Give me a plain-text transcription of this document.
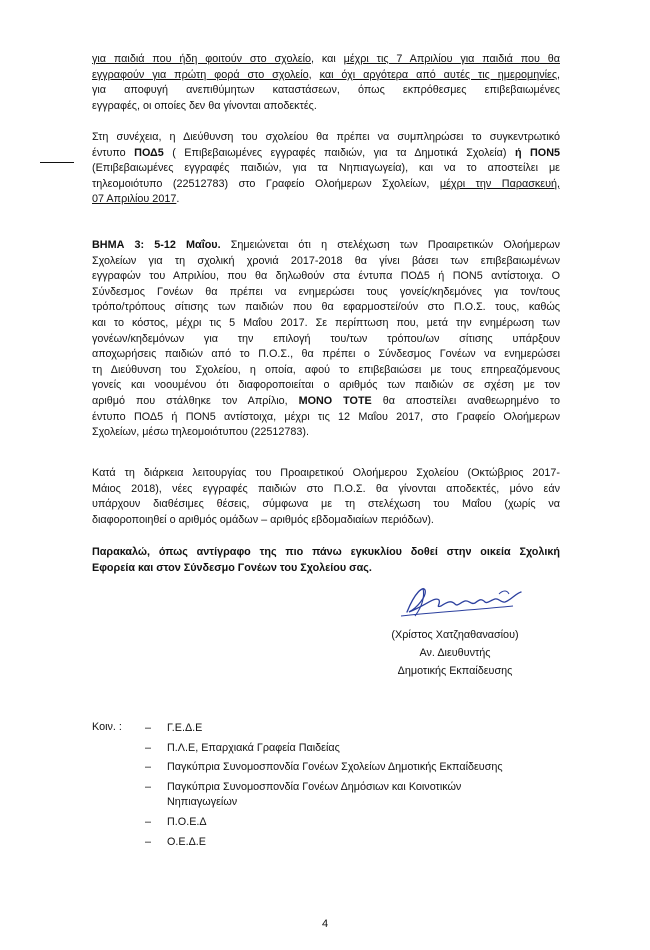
για παιδιά που ήδη φοιτούν στο σχολείο, και μέχρι τις 7 Απριλίου για παιδιά που θα
εγγραφούν για πρώτη φορά στο σχολείο, και όχι αργότερα από αυτές τις ημερομηνίες,
για αποφυγή ανεπιθύμητων καταστάσεων, όπως εκπρόθεσμες επιβεβαιωμένες
εγγραφές, οι οποίες δεν θα γίνονται αποδεκτές.
Στη συνέχεια, η Διεύθυνση του σχολείου θα πρέπει να συμπληρώσει το συγκεντρωτικό
έντυπο ΠΟΔ5 ( Επιβεβαιωμένες εγγραφές παιδιών, για τα Δημοτικά Σχολεία) ή ΠΟΝ5
(Επιβεβαιωμένες εγγραφές παιδιών, για τα Νηπιαγωγεία), και να το αποστείλει με
τηλεομοιότυπο (22512783) στο Γραφείο Ολοήμερων Σχολείων, μέχρι την Παρασκευή,
07 Απριλίου 2017.
ΒΗΜΑ 3: 5-12 Μαΐου. Σημειώνεται ότι η στελέχωση των Προαιρετικών Ολοήμερων
Σχολείων για τη σχολική χρονιά 2017-2018 θα γίνει βάσει των επιβεβαιωμένων
εγγραφών του Απριλίου, που θα δηλωθούν στα έντυπα ΠΟΔ5 ή ΠΟΝ5 αντίστοιχα. Ο
Σύνδεσμος Γονέων θα πρέπει να ενημερώσει τους γονείς/κηδεμόνες για τον/τους
τρόπο/τρόπους σίτισης των παιδιών που θα εφαρμοστεί/ούν στο Π.Ο.Σ. τους, καθώς
και το κόστος, μέχρι τις 5 Μαΐου 2017. Σε περίπτωση που, μετά την ενημέρωση των
γονέων/κηδεμόνων για την επιλογή του/των τρόπου/ων σίτισης υπάρξουν
αποχωρήσεις παιδιών από το Π.Ο.Σ., θα πρέπει ο Σύνδεσμος Γονέων να ενημερώσει
τη Διεύθυνση του Σχολείου, η οποία, αφού το επιβεβαιώσει με τους επηρεαζόμενους
γονείς και νοουμένου ότι διαφοροποιείται ο αριθμός των παιδιών σε σχέση με τον
αριθμό που στάλθηκε τον Απρίλιο, ΜΟΝΟ ΤΟΤΕ θα αποστείλει αναθεωρημένο το
έντυπο ΠΟΔ5 ή ΠΟΝ5 αντίστοιχα, μέχρι τις 12 Μαΐου 2017, στο Γραφείο Ολοήμερων
Σχολείων, μέσω τηλεομοιότυπου (22512783).
Κατά τη διάρκεια λειτουργίας του Προαιρετικού Ολοήμερου Σχολείου (Οκτώβριος 2017-
Μάιος 2018), νέες εγγραφές παιδιών στο Π.Ο.Σ. θα γίνονται αποδεκτές, μόνο εάν
υπάρχουν διαθέσιμες θέσεις, σύμφωνα με τη στελέχωση του Μαΐου (χωρίς να
διαφοροποιηθεί ο αριθμός ομάδων – αριθμός εβδομαδιαίων περιόδων).
Παρακαλώ, όπως αντίγραφο της πιο πάνω εγκυκλίου δοθεί στην οικεία Σχολική
Εφορεία και στον Σύνδεσμο Γονέων του Σχολείου σας.
(Χρίστος Χατζηαθανασίου)
Αν. Διευθυντής
Δημοτικής Εκπαίδευσης
Κοιν. : – Γ.Ε.Δ.Ε
– Π.Λ.Ε, Επαρχιακά Γραφεία Παιδείας
– Παγκύπρια Συνομοσπονδία Γονέων Σχολείων Δημοτικής Εκπαίδευσης
– Παγκύπρια Συνομοσπονδία Γονέων Δημόσιων και Κοινοτικών Νηπιαγωγείων
– Π.Ο.Ε.Δ
– Ο.Ε.Δ.Ε
4
